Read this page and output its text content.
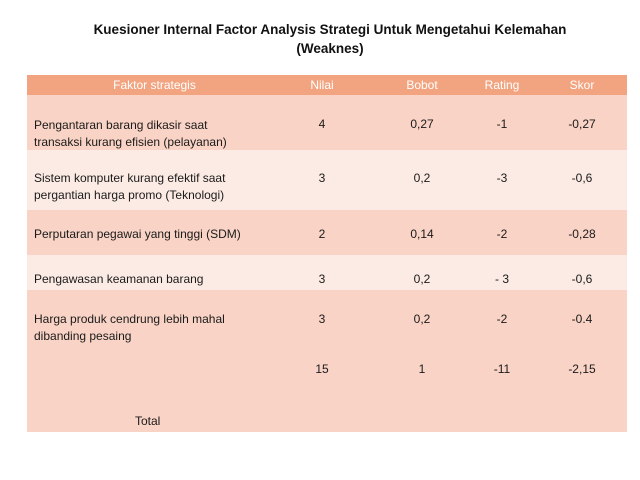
Kuesioner Internal Factor Analysis Strategi Untuk Mengetahui Kelemahan
(Weaknes)
Faktor strategis	Nilai	Bobot	Rating	Skor
Pengantaran barang dikasir saat
transaksi kurang efisien (pelayanan)
4	0,27	-1	-0,27
Sistem komputer kurang efektif saat
pergantian harga promo (Teknologi)
3	0,2	-3	-0,6
Perputaran pegawai yang tinggi (SDM)	2	0,14	-2	-0,28
Pengawasan keamanan barang	3	0,2	- 3	-0,6
Harga produk cendrung lebih mahal
dibanding pesaing
3	0,2	-2	-0.4
15	1	-11	-2,15
Total
